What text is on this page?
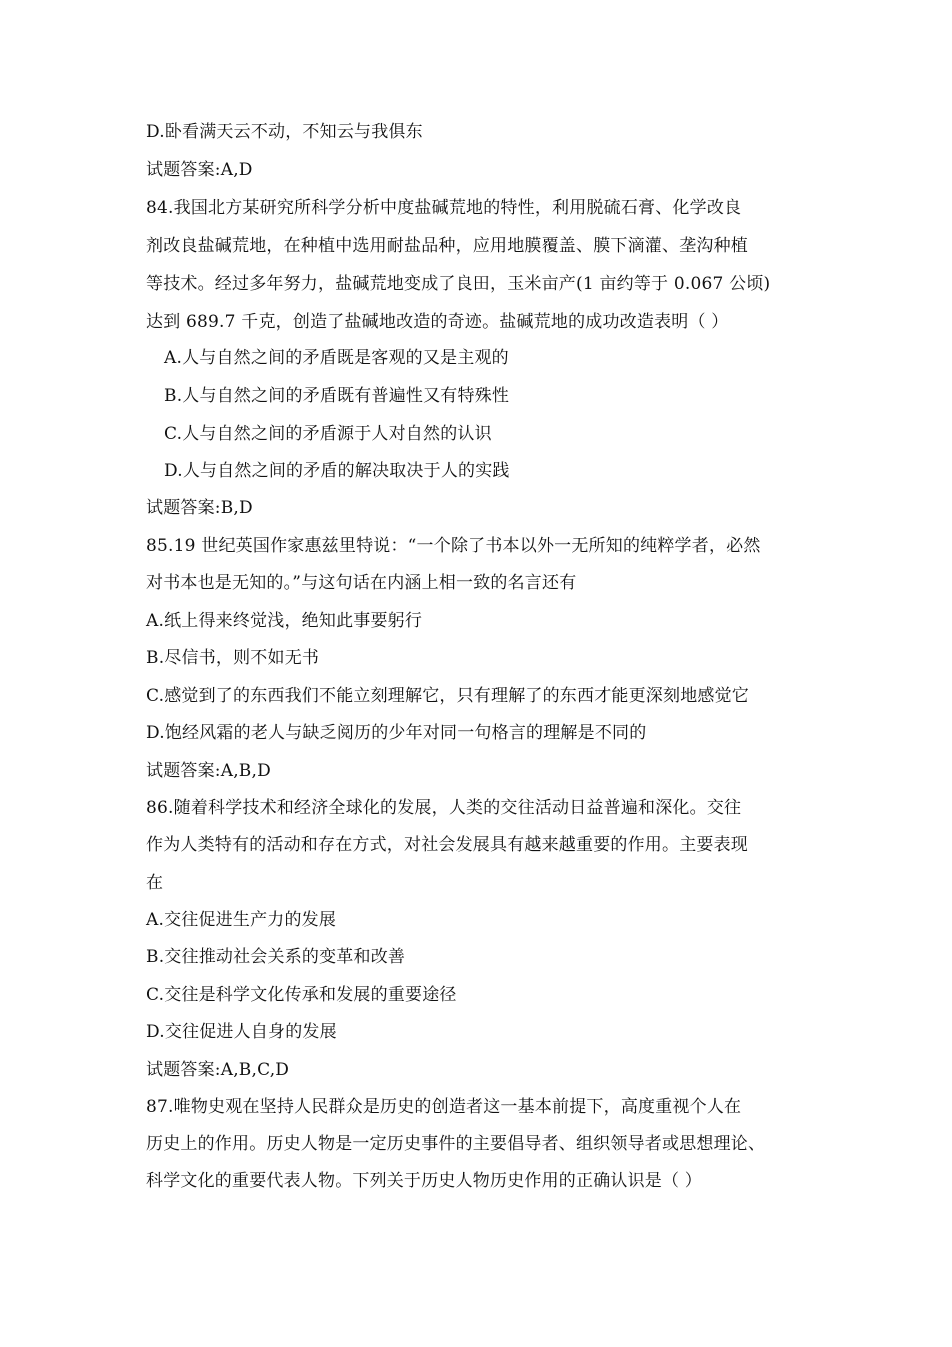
D.卧看满天云不动，不知云与我俱东
试题答案:A,D
84.我国北方某研究所科学分析中度盐碱荒地的特性，利用脱硫石膏、化学改良
剂改良盐碱荒地，在种植中选用耐盐品种，应用地膜覆盖、膜下滴灌、垄沟种植
等技术。经过多年努力，盐碱荒地变成了良田，玉米亩产(1 亩约等于 0.067 公顷)
达到 689.7 千克，创造了盐碱地改造的奇迹。盐碱荒地的成功改造表明（ ）
A.人与自然之间的矛盾既是客观的又是主观的
B.人与自然之间的矛盾既有普遍性又有特殊性
C.人与自然之间的矛盾源于人对自然的认识
D.人与自然之间的矛盾的解决取决于人的实践
试题答案:B,D
85.19 世纪英国作家惠兹里特说：“一个除了书本以外一无所知的纯粹学者，必然
对书本也是无知的。”与这句话在内涵上相一致的名言还有
A.纸上得来终觉浅，绝知此事要躬行
B.尽信书，则不如无书
C.感觉到了的东西我们不能立刻理解它，只有理解了的东西才能更深刻地感觉它
D.饱经风霜的老人与缺乏阅历的少年对同一句格言的理解是不同的
试题答案:A,B,D
86.随着科学技术和经济全球化的发展，人类的交往活动日益普遍和深化。交往
作为人类特有的活动和存在方式，对社会发展具有越来越重要的作用。主要表现
在
A.交往促进生产力的发展
B.交往推动社会关系的变革和改善
C.交往是科学文化传承和发展的重要途径
D.交往促进人自身的发展
试题答案:A,B,C,D
87.唯物史观在坚持人民群众是历史的创造者这一基本前提下，高度重视个人在
历史上的作用。历史人物是一定历史事件的主要倡导者、组织领导者或思想理论、
科学文化的重要代表人物。下列关于历史人物历史作用的正确认识是（ ）
